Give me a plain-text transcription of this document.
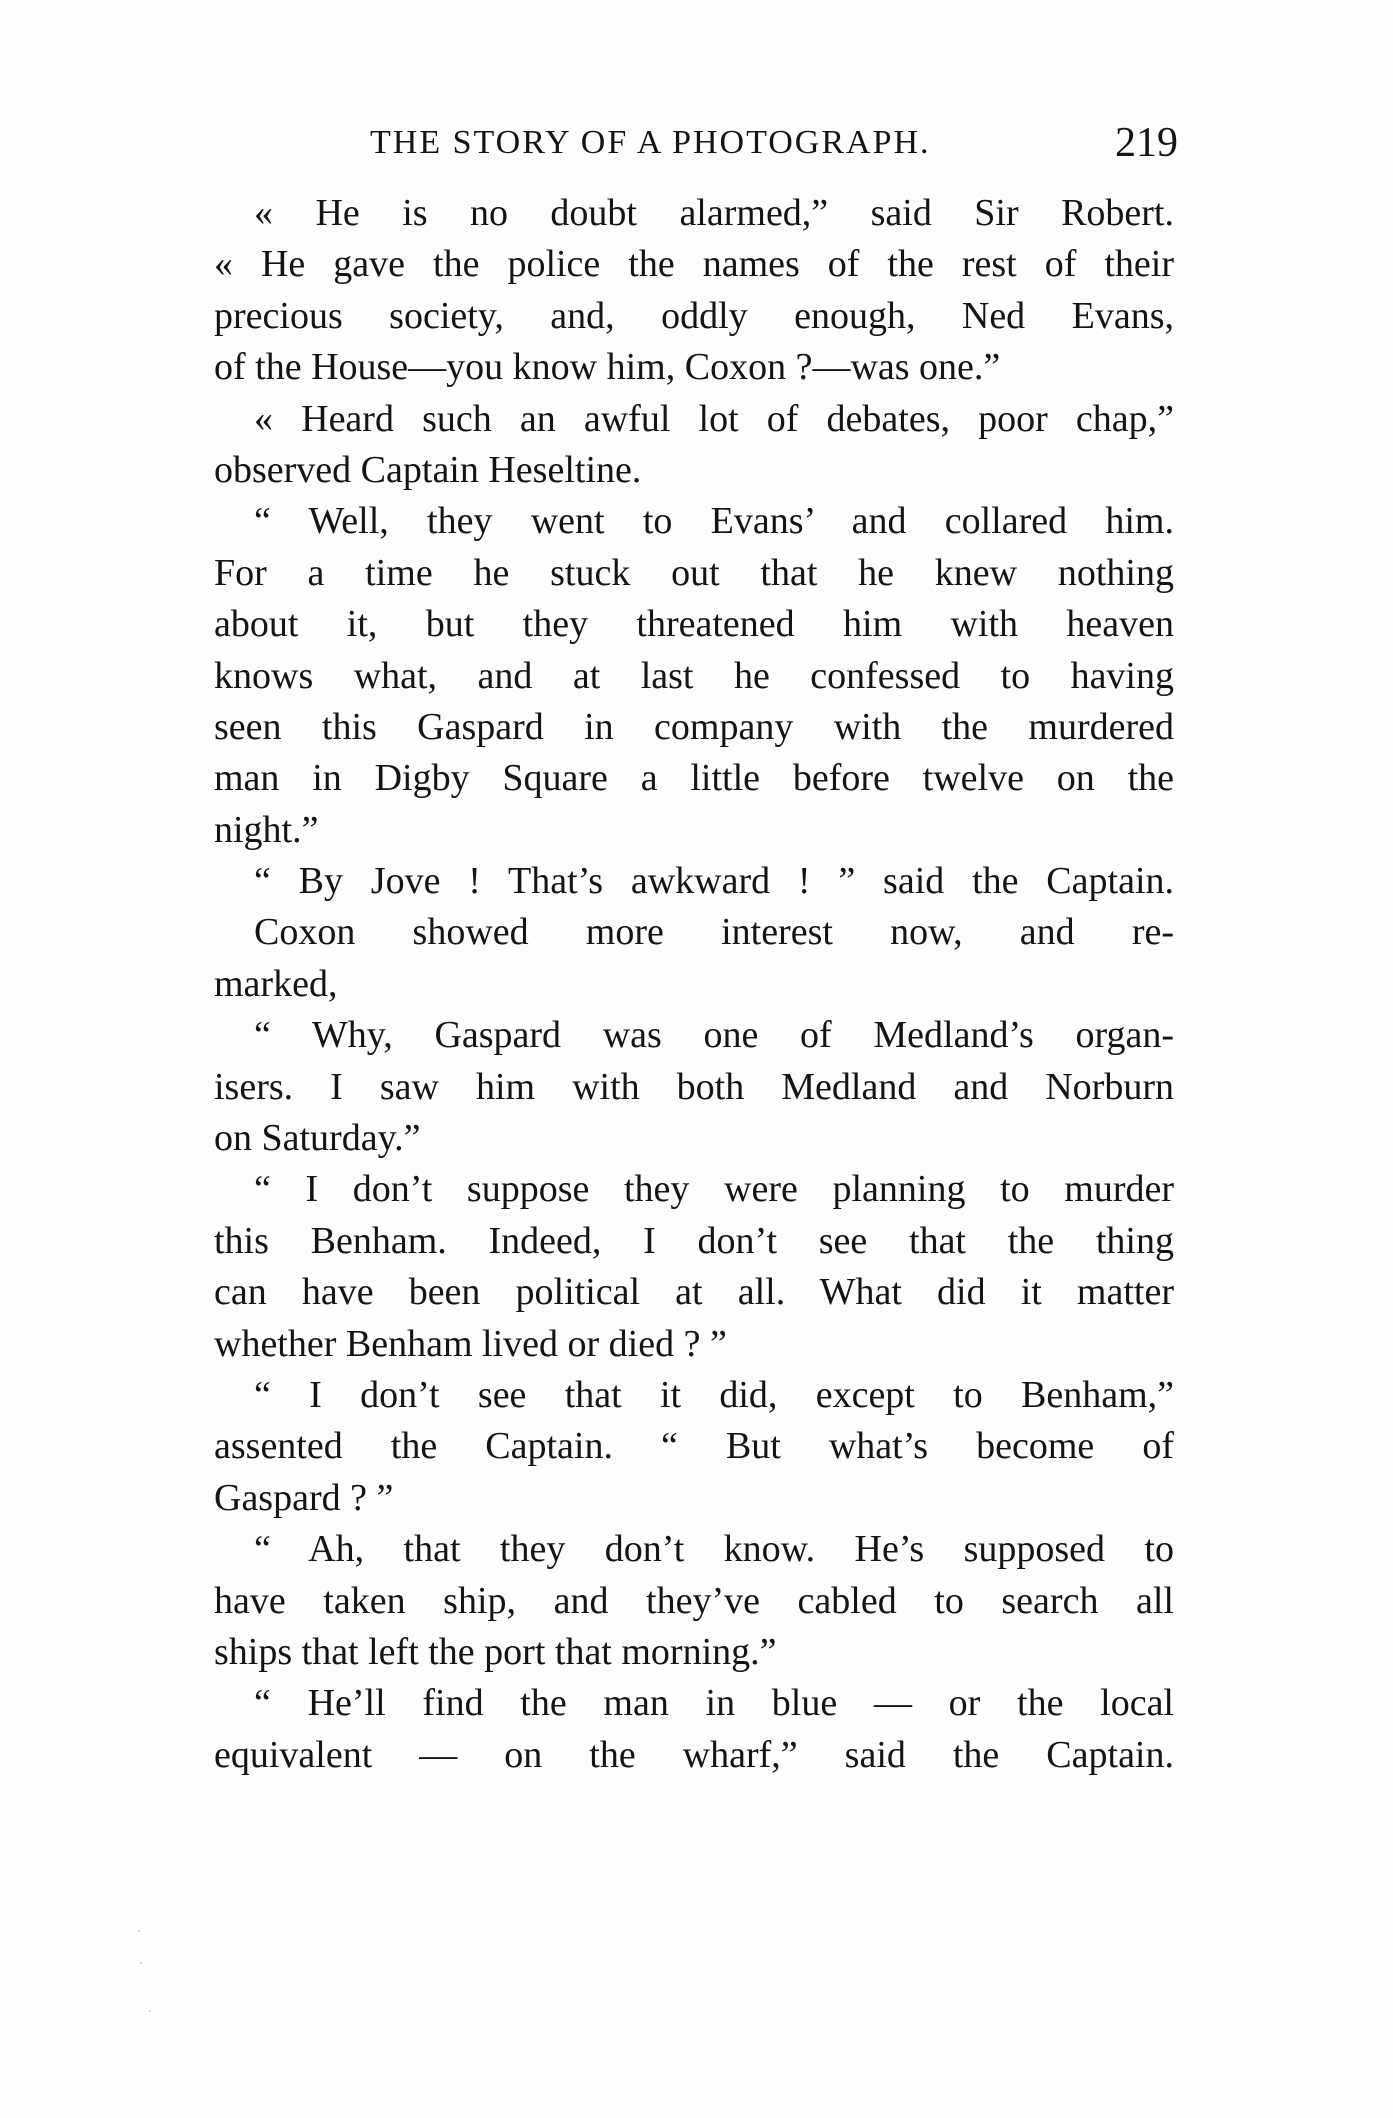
THE STORY OF A PHOTOGRAPH.	219
« He is no doubt alarmed,” said Sir Robert.
« He gave the police the names of the rest of their
precious society, and, oddly enough, Ned Evans,
of the House—you know him, Coxon ?—was one.”
« Heard such an awful lot of debates, poor chap,”
observed Captain Heseltine.
“ Well, they went to Evans’ and collared him.
For a time he stuck out that he knew nothing
about it, but they threatened him with heaven
knows what, and at last he confessed to having
seen this Gaspard in company with the murdered
man in Digby Square a little before twelve on the
night.”
“ By Jove ! That’s awkward ! ” said the Captain.
Coxon showed more interest now, and re-
marked,
“ Why, Gaspard was one of Medland’s organ-
isers. I saw him with both Medland and Norburn
on Saturday.”
“ I don’t suppose they were planning to murder
this Benham. Indeed, I don’t see that the thing
can have been political at all. What did it matter
whether Benham lived or died ? ”
“ I don’t see that it did, except to Benham,”
assented the Captain. “ But what’s become of
Gaspard ? ”
“ Ah, that they don’t know. He’s supposed to
have taken ship, and they’ve cabled to search all
ships that left the port that morning.”
“ He’ll find the man in blue — or the local
equivalent — on the wharf,” said the Captain.
